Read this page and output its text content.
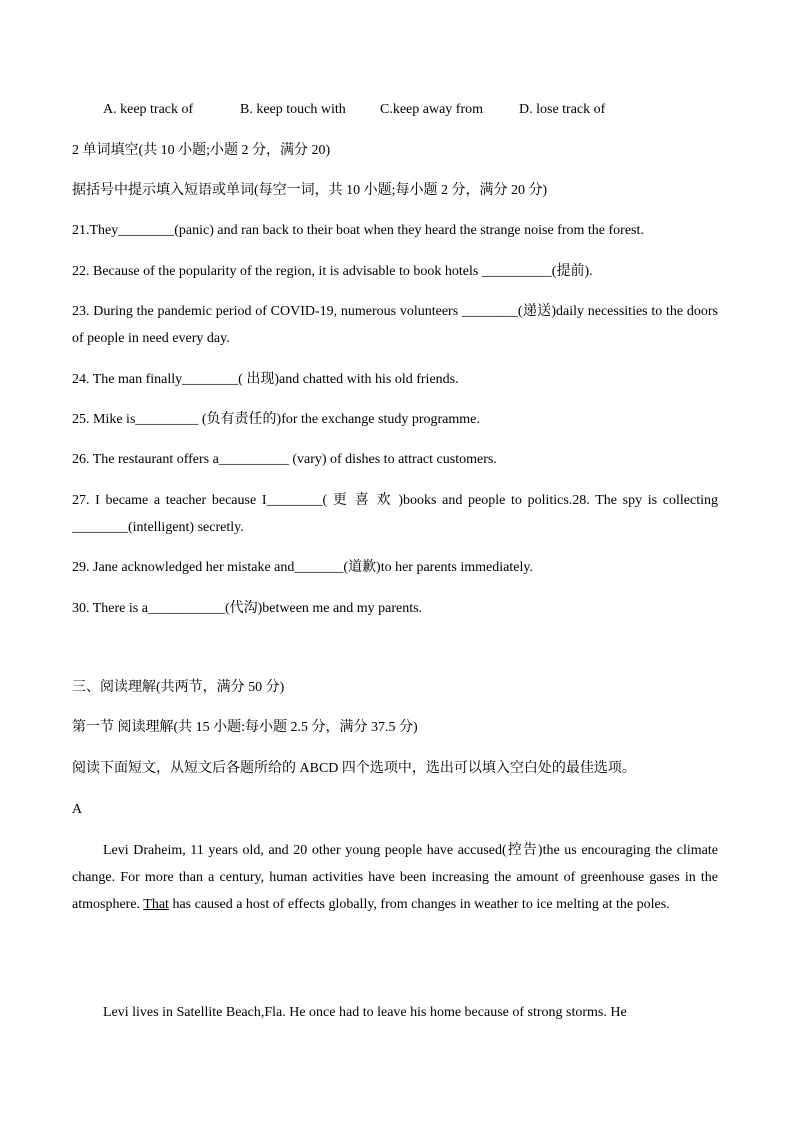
A. keep track of	B. keep touch with C.keep away from	D. lose track of
2 单词填空(共 10 小题;小题 2 分，满分 20)
据括号中提示填入短语或单词(每空一词，共 10 小题;每小题 2 分，满分 20 分)
21.They________(panic) and ran back to their boat when they heard the strange noise from the forest.
22. Because of the popularity of the region, it is advisable to book hotels __________(提前).
23. During the pandemic period of COVID-19, numerous volunteers ________(递送)daily necessities to the doors of people in need every day.
24. The man finally________( 出现)and chatted with his old friends.
25. Mike is_________ (负有责任的)for the exchange study programme.
26. The restaurant offers a__________ (vary) of dishes to attract customers.
27. I became a teacher because I________( 更 喜 欢 )books and people to politics.28. The spy is collecting ________(intelligent) secretly.
29. Jane acknowledged her mistake and_______(道歉)to her parents immediately.
30. There is a___________(代沟)between me and my parents.
三、阅读理解(共两节，满分 50 分)
第一节 阅读理解(共 15 小题:每小题 2.5 分，满分 37.5 分)
阅读下面短文，从短文后各题所给的 ABCD 四个选项中，选出可以填入空白处的最佳选项。
A
Levi Draheim, 11 years old, and 20 other young people have accused(控告)the us encouraging the climate change. For more than a century, human activities have been increasing the amount of greenhouse gases in the atmosphere. That has caused a host of effects globally, from changes in weather to ice melting at the poles.
Levi lives in Satellite Beach,Fla. He once had to leave his home because of strong storms. He
